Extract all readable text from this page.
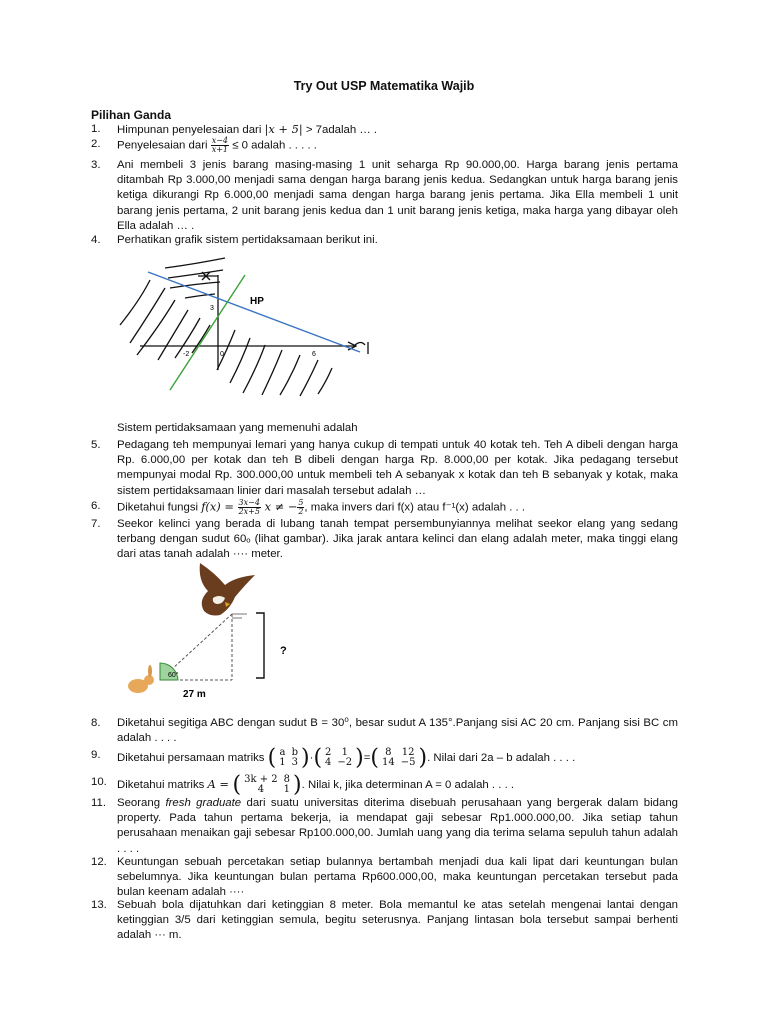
Try Out USP Matematika Wajib
Pilihan Ganda
1.	Himpunan penyelesaian dari |x + 5| > 7adalah … .
2.	Penyelesaian dari $\frac{x-4}{x+1} \le 0$ adalah . . . . .
3.	Ani membeli 3 jenis barang masing-masing 1 unit seharga Rp 90.000,00. Harga barang jenis pertama ditambah Rp 3.000,00 menjadi sama dengan harga barang jenis kedua. Sedangkan untuk harga barang jenis ketiga dikurangi Rp 6.000,00 menjadi sama dengan harga barang jenis pertama. Jika Ella membeli 1 unit barang jenis pertama, 2 unit barang jenis kedua dan 1 unit barang jenis ketiga, maka harga yang dibayar oleh Ella adalah … .
4.	Perhatikan grafik sistem pertidaksamaan berikut ini.
HP
-2	0	6
3
Sistem pertidaksamaan yang memenuhi adalah
5.	Pedagang teh mempunyai lemari yang hanya cukup di tempati untuk 40 kotak teh. Teh A dibeli dengan harga Rp. 6.000,00 per kotak dan teh B dibeli dengan harga Rp. 8.000,00 per kotak. Jika pedagang tersebut mempunyai modal Rp. 300.000,00 untuk membeli teh A sebanyak x kotak dan teh B sebanyak y kotak, maka sistem pertidaksamaan linier dari masalah tersebut adalah …
6.	Diketahui fungsi $f(x) = \frac{3x-4}{2x+5}$ x ≠ − $\frac{5}{2}$ , maka invers dari f(x) atau f⁻¹(x) adalah . . .
7.	Seekor kelinci yang berada di lubang tanah tempat persembunyiannya melihat seekor elang yang sedang terbang dengan sudut 60ₒ (lihat gambar). Jika jarak antara kelinci dan elang adalah meter, maka tinggi elang dari atas tanah adalah ···· meter.
60°
?
27 m
8.	Diketahui segitiga ABC dengan sudut B = 30⁰, besar sudut A 135°.Panjang sisi AC 20 cm. Panjang sisi BC cm adalah . . . .
9.	Diketahui persamaan matriks ( a	b
1	3 )·( 2	1
4	−2 )=( 8	12
14	−5 ). Nilai dari 2a – b adalah . . . .
10. Diketahui matriks A = ( 3k + 2	8
4	1 ). Nilai k, jika determinan A = 0 adalah . . . .
11. Seorang fresh graduate dari suatu universitas diterima disebuah perusahaan yang bergerak dalam bidang property. Pada tahun pertama bekerja, ia mendapat gaji sebesar Rp1.000.000,00. Jika setiap tahun perusahaan menaikan gaji sebesar Rp100.000,00. Jumlah uang yang dia terima selama sepuluh tahun adalah . . . .
12. Keuntungan sebuah percetakan setiap bulannya bertambah menjadi dua kali lipat dari keuntungan bulan sebelumnya. Jika keuntungan bulan pertama Rp600.000,00, maka keuntungan percetakan tersebut pada bulan keenam adalah ····
13. Sebuah bola dijatuhkan dari ketinggian 8 meter. Bola memantul ke atas setelah mengenai lantai dengan ketinggian 3/5 dari ketinggian semula, begitu seterusnya. Panjang lintasan bola tersebut sampai berhenti adalah ··· m.
